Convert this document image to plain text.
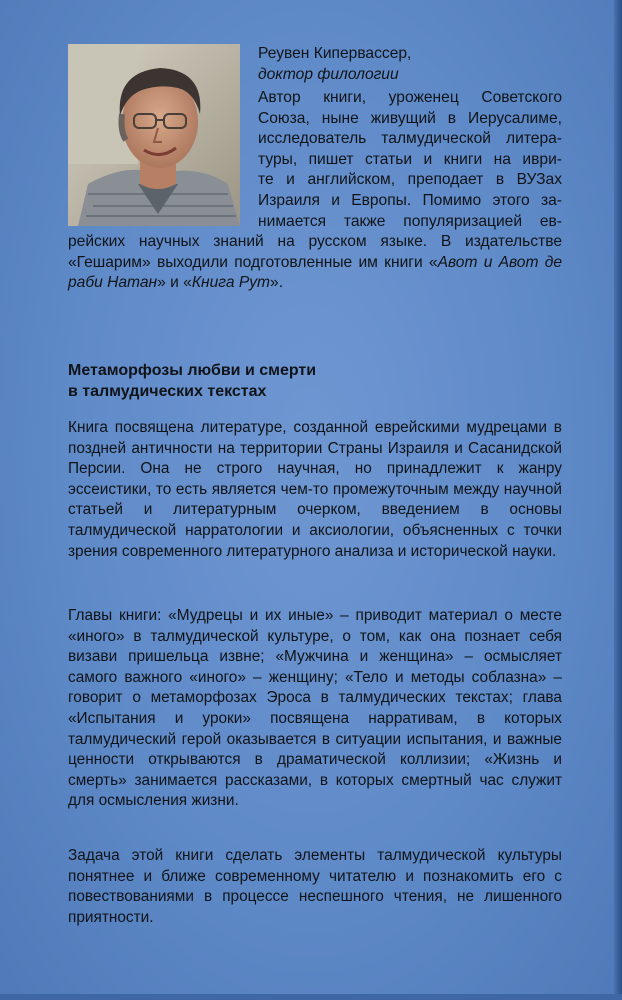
Реувен Кипервассер,

доктор филологии

Автор книги, уроженец Советского
Союза, ныне живущий в Иерусалиме,
исследователь талмудической литера-
туры, пишет статьи и книги на иври-
те и английском, преподает в ВУЗах
Израиля и Европы. Помимо этого за-
нимается также популяризацией ев-
рейских научных знаний на русском языке. В издательстве «Гешарим» выходили подготовленные им книги «Авот и Авот де раби Натан» и «Книга Рут».
Метаморфозы любви и смерти
в талмудических текстах

Книга посвящена литературе, созданной еврейскими мудрецами в поздней античности на территории Страны Израиля и Сасанидской Персии. Она не строго научная, но принадлежит к жанру эссеистики, то есть является чем-то промежуточным между научной статьей и литературным очерком, введением в основы талмудической нарратологии и аксиологии, объясненных с точки зрения современного литературного анализа и исторической науки.

Главы книги: «Мудрецы и их иные» – приводит материал о месте «иного» в талмудической культуре, о том, как она познает себя визави пришельца извне; «Мужчина и женщина» – осмысляет самого важного «иного» – женщину; «Тело и методы соблазна» – говорит о метаморфозах Эроса в талмудических текстах; глава «Испытания и уроки» посвящена нарративам, в которых талмудический герой оказывается в ситуации испытания, и важные ценности открываются в драматической коллизии; «Жизнь и смерть» занимается рассказами, в которых смертный час служит для осмысления жизни.

Задача этой книги сделать элементы талмудической культуры понятнее и ближе современному читателю и познакомить его с повествованиями в процессе неспешного чтения, не лишенного приятности.
